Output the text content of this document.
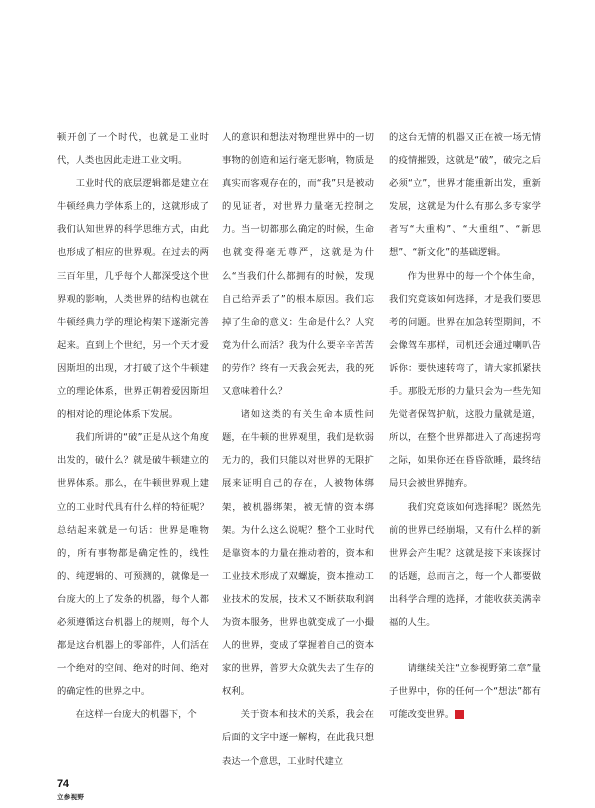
顿开创了一个时代，也就是工业时代，人类也因此走进工业文明。

工业时代的底层逻辑都是建立在牛顿经典力学体系上的，这就形成了我们认知世界的科学思维方式，由此也形成了相应的世界观。在过去的两三百年里，几乎每个人都深受这个世界观的影响，人类世界的结构也就在牛顿经典力学的理论构架下遂渐完善起来。直到上个世纪，另一个天才爱因斯坦的出现，才打破了这个牛顿建立的理论体系，世界正朝着爱因斯坦的相对论的理论体系下发展。

我们所讲的“破”正是从这个角度出发的，破什么？就是破牛顿建立的世界体系。那么，在牛顿世界观上建立的工业时代具有什么样的特征呢？总结起来就是一句话：世界是唯物的，所有事物都是确定性的，线性的、纯逻辑的、可预测的，就像是一台庞大的上了发条的机器，每个人都必须遵循这台机器上的规则，每个人都是这台机器上的零部件，人们活在一个绝对的空间、绝对的时间、绝对的确定性的世界之中。

在这样一台庞大的机器下，个

人的意识和想法对物理世界中的一切事物的创造和运行毫无影响，物质是真实而客观存在的，而“我”只是被动的见证者，对世界力量毫无控制之力。当一切都那么确定的时候，生命也就变得毫无尊严，这就是为什么“当我们什么都拥有的时候，发现自己给弄丢了”的根本原因。我们忘掉了生命的意义：生命是什么？人究竟为什么而活？我为什么要辛辛苦苦的劳作？终有一天我会死去，我的死又意味着什么？

诸如这类的有关生命本质性问题，在牛顿的世界观里，我们是软弱无力的，我们只能以对世界的无限扩展来证明自己的存在，人被物体绑架，被机器绑架，被无情的资本绑架。为什么这么说呢？整个工业时代是靠资本的力量在推动着的，资本和工业技术形成了双螺旋，资本推动工业技术的发展，技术又不断获取利润为资本服务，世界也就变成了一小撮人的世界，变成了掌握着自己的资本家的世界，普罗大众就失去了生存的权利。

关于资本和技术的关系，我会在后面的文字中逐一解构，在此我只想表达一个意思，工业时代建立

的这台无情的机器又正在被一场无情的疫情摧毁，这就是“破”，破完之后必须“立”，世界才能重新出发，重新发展，这就是为什么有那么多专家学者写“大重构”、“大重组”、“新思想”、“新文化”的基础逻辑。

作为世界中的每一个个体生命，我们究竟该如何选择，才是我们要思考的问题。世界在加急转型期间，不会像驾车那样，司机还会通过喇叭告诉你：要快速转弯了，请大家抓紧扶手。那股无形的力量只会为一些先知先觉者保驾护航，这股力量就是道，所以，在整个世界都进入了高速拐弯之际，如果你还在昏昏欲睡，最终结局只会被世界抛弃。

我们究竟该如何选择呢？既然先前的世界已经崩塌，又有什么样的新世界会产生呢？这就是接下来该探讨的话题，总而言之，每一个人都要做出科学合理的选择，才能收获美满幸福的人生。

请继续关注“立参视野第二章”量子世界中，你的任何一个“想法”都有可能改变世界。	V

74
立参视野
